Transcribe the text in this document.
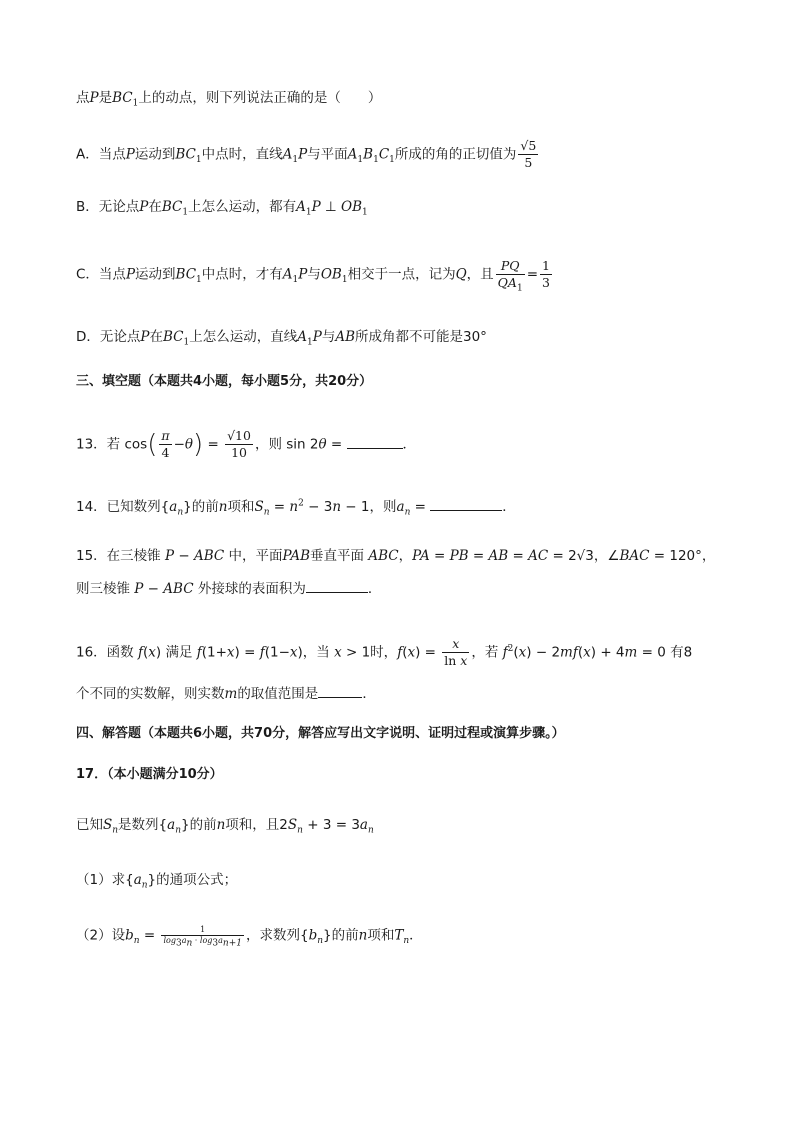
点P是$BC_1$上的动点，则下列说法正确的是（　　）
A．当点P运动到$BC_1$中点时，直线$A_1P$与平面$A_1B_1C_1$所成的角的正切值为 $\frac{√5}{5}$
B．无论点P在$BC_1$上怎么运动，都有$A_1P$ ⊥ $OB_1$
C．当点P运动到$BC_1$中点时，才有$A_1P$与$OB_1$相交于一点，记为Q，且 $\frac{PQ}{QA_1} = \frac{1}{3}$
D．无论点P在$BC_1$上怎么运动，直线$A_1P$与AB所成角都不可能是30°
三、填空题（本题共4小题，每小题5分，共20分）
13．若 $\cos( \frac{\pi}{4} -\theta) = \frac{√10}{10}$ ，则 sin 2θ =	．
14．已知数列$\{a_n\}$的前n项和$S_n = n^2 - 3n - 1$，则$a_n$ =	．
15．在三棱锥 P − ABC 中，平面PAB垂直平面 ABC，PA = PB = AB = AC = 2√3，∠BAC = 120°，
则三棱锥 P − ABC 外接球的表面积为	．
16．函数 f(x) 满足 f(1+x) = f(1−x)，当 x > 1时，$f(x) = \frac{x}{\text{ln x}}$ ，若 $f^2(x) - 2mf(x) + 4m = 0$ 有8
个不同的实数解，则实数m的取值范围是	．
四、解答题（本题共6小题，共70分，解答应写出文字说明、证明过程或演算步骤。）
17．（本小题满分10分）
已知$S_n$是数列$\{a_n\}$的前n项和，且$2S_n + 3 = 3a_n$
（1）求$\{a_n\}$的通项公式；
（2）设$b_n = \frac{1}{\log_3a_n \cdot \log_3a_{n+1}}$ ，求数列$\{b_n\}$的前n项和$T_n$．
